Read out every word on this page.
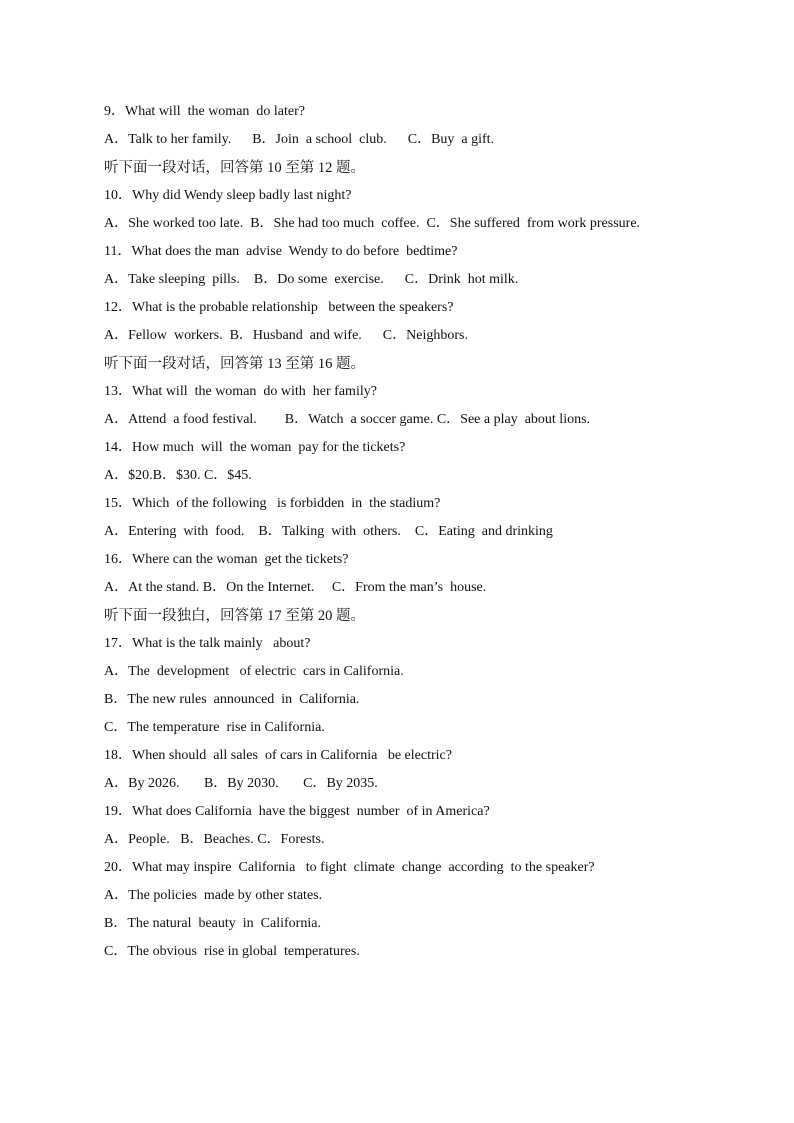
9．What will  the woman  do later?
A．Talk to her family.      B．Join  a school  club.      C．Buy  a gift.
听下面一段对话，回答第 10 至第 12 题。
10．Why did Wendy sleep badly last night?
A．She worked too late.  B．She had too much  coffee.  C．She suffered  from work pressure.
11．What does the man  advise  Wendy to do before  bedtime?
A．Take sleeping  pills.    B．Do some  exercise.      C．Drink  hot milk.
12．What is the probable relationship   between the speakers?
A．Fellow  workers.  B．Husband  and wife.      C．Neighbors.
听下面一段对话，回答第 13 至第 16 题。
13．What will  the woman  do with  her family?
A．Attend  a food festival.        B．Watch  a soccer game. C．See a play  about lions.
14．How much  will  the woman  pay for the tickets?
A．$20.B．$30. C．$45.
15．Which  of the following   is forbidden  in  the stadium?
A．Entering  with  food.    B．Talking  with  others.    C．Eating  and drinking
16．Where can the woman  get the tickets?
A．At the stand. B．On the Internet.     C．From the man’s  house.
听下面一段独白，回答第 17 至第 20 题。
17．What is the talk mainly   about?
A．The  development   of electric  cars in California.
B．The new rules  announced  in  California.
C．The temperature  rise in California.
18．When should  all sales  of cars in California   be electric?
A．By 2026.       B．By 2030.       C．By 2035.
19．What does California  have the biggest  number  of in America?
A．People.   B．Beaches. C．Forests.
20．What may inspire  California   to fight  climate  change  according  to the speaker?
A．The policies  made by other states.
B．The natural  beauty  in  California.
C．The obvious  rise in global  temperatures.
